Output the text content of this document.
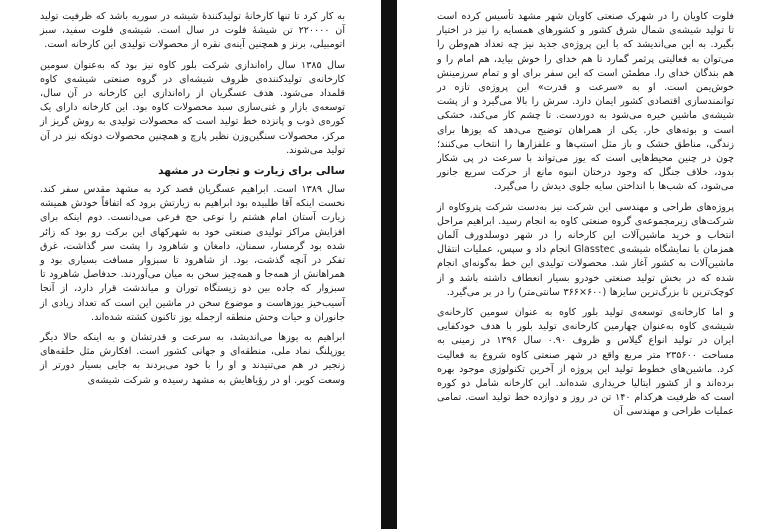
به کار کرد تا تنها کارخانهٔ تولیدکنندهٔ شیشه در سوریه باشد که ظرفیت تولید آن ۲۲۰۰۰۰ تن شیشهٔ فلوت در سال است. شیشه‌ی فلوت سفید، سبز اتومبیلی، برنز و همچنین آینه‌ی نقره از محصولات تولیدی این کارخانه است.

سال ۱۳۸۵ سال راه‌اندازی شرکت بلور کاوه نیز بود که به‌عنوان سومین کارخانه‌ی تولیدکننده‌ی ظروف شیشه‌ای در گروه صنعتی شیشه‌ی کاوه قلمداد می‌شود. هدف عسگریان از راه‌اندازی این کارخانه در آن سال، توسعه‌ی بازار و غنی‌سازی سبد محصولات کاوه بود. این کارخانه دارای یک کوره‌ی ذوب و پانزده خط تولید است که محصولات تولیدی به روش گریز از مرکز، محصولات سنگین‌وزن نظیر پارچ و همچنین محصولات دوتکه نیز در آن تولید می‌شوند.

سالی برای زیارت و تجارت در مشهد

سال ۱۳۸۹ است. ابراهیم عسگریان قصد کرد به مشهد مقدس سفر کند. نخست اینکه آقا طلبیده بود ابراهیم به زیارتش برود که اتفاقاً خودش همیشه زیارت آستان امام هشتم را نوعی حج فرعی می‌دانست. دوم اینکه برای افزایش مراکز تولیدی صنعتی خود به شهرکهای این برکت رو بود که زائر شده بود گرمسار، سمنان، دامغان و شاهرود را پشت سر گذاشت، غرق تفکر در آنچه گذشت، بود. از شاهرود تا سبزوار مسافت بسیاری بود و همراهانش از همه‌جا و همه‌چیز سخن به میان می‌آوردند. حدفاصل شاهرود تا سبزوار که جاده بین دو زیستگاه توران و میاندشت قرار دارد، از آنجا آسیب‌خیز یوزهاست و موضوع سخن در ماشین این است که تعداد زیادی از جانوران و حیات وحش منطقه ازجمله یوز تاکنون کشته شده‌اند.

ابراهیم به یوزها می‌اندیشد، به سرعت و قدرتشان و به اینکه حالا دیگر یوزپلنگ نماد ملی، منطقه‌ای و جهانی کشور است. افکارش مثل حلقه‌های زنجیر در هم می‌تنیدند و او را با خود می‌بردند به جایی بسیار دورتر از وسعت کویر. او در رؤیاهایش به مشهد رسیده و شرکت شیشه‌ی

فلوت کاویان را در شهرک صنعتی کاویان شهر مشهد تأسیس کرده است تا تولید شیشه‌ی شمال شرق کشور و کشورهای همسایه را نیز در اختیار بگیرد. به این می‌اندیشد که با این پروژه‌ی جدید نیز چه تعداد هم‌وطن را می‌توان به فعالیتی پرثمر گمارد تا هم خدای را خوش بیاید، هم امام را و هم بندگان خدای را. مطمئن است که این سفر برای او و تمام سرزمینش خوش‌یمن است. او به «سرعت و قدرت» این پروژه‌ی تازه در توانمندسازی اقتصادی کشور ایمان دارد. سرش را بالا می‌گیرد و از پشت شیشه‌ی ماشین خیره می‌شود به دوردست. تا چشم کار می‌کند، خشکی است و بوته‌های خار. یکی از همراهان توضیح می‌دهد که یوزها برای زندگی، مناطق خشک و باز مثل استپ‌ها و علفزارها را انتخاب می‌کنند؛ چون در چنین محیط‌هایی است که یوز می‌تواند با سرعت در پی شکار بدود، خلاف جنگل که وجود درختان انبوه مانع از حرکت سریع جانور می‌شود، که شب‌ها با انداختن سایه جلوی دیدش را می‌گیرد.

پروژه‌های طراحی و مهندسی این شرکت نیز به‌دست شرکت پتروکاوه از شرکت‌های زیرمجموعه‌ی گروه صنعتی کاوه به انجام رسید. ابراهیم مراحل انتخاب و خرید ماشین‌آلات این کارخانه را در شهر دوسلدورف آلمان همزمان با نمایشگاه شیشه‌ی Glasstec انجام داد و سپس، عملیات انتقال ماشین‌آلات به کشور آغاز شد. محصولات تولیدی این خط به‌گونه‌ای انجام شده که در بخش تولید صنعتی خودرو بسیار انعطاف داشته باشد و از کوچک‌ترین تا بزرگ‌ترین سایزها (۶۰۰×۳۶۶ سانتی‌متر) را در بر می‌گیرد.

و اما کارخانه‌ی توسعه‌ی تولید بلور کاوه به عنوان سومین کارخانه‌ی شیشه‌ی کاوه به‌عنوان چهارمین کارخانه‌ی تولید بلور با هدف خودکفایی ایران در تولید انواع گیلاس و ظروف ۰.۹۰ سال ۱۳۹۶ در زمینی به مساحت ۲۳۵۶۰۰ متر مربع واقع در شهر صنعتی کاوه شروع به فعالیت کرد. ماشین‌های خطوط تولید این پروژه از آخرین تکنولوژی موجود بهره برده‌اند و از کشور ایتالیا خریداری شده‌اند. این کارخانه شامل دو کوره است که ظرفیت هرکدام ۱۴۰ تن در روز و دوازده خط تولید است. تمامی عملیات طراحی و مهندسی آن
